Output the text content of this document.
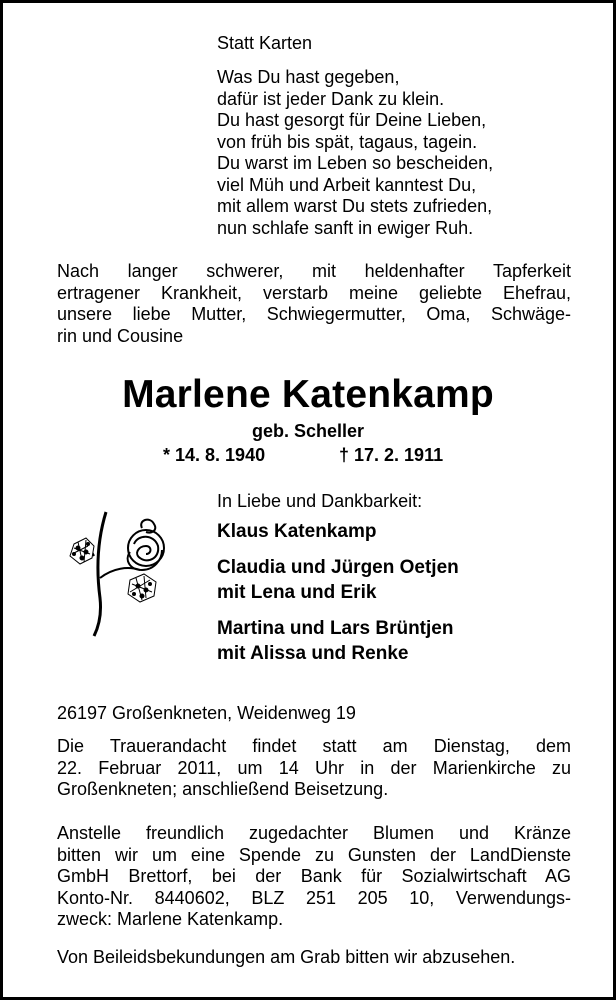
Statt Karten
Was Du hast gegeben,
dafür ist jeder Dank zu klein.
Du hast gesorgt für Deine Lieben,
von früh bis spät, tagaus, tagein.
Du warst im Leben so bescheiden,
viel Müh und Arbeit kanntest Du,
mit allem warst Du stets zufrieden,
nun schlafe sanft in ewiger Ruh.
Nach langer schwerer, mit heldenhafter Tapferkeit
ertragener Krankheit, verstarb meine geliebte Ehefrau,
unsere liebe Mutter, Schwiegermutter, Oma, Schwäge-
rin und Cousine
Marlene Katenkamp
geb. Scheller
* 14. 8. 1940	† 17. 2. 1911
In Liebe und Dankbarkeit:
Klaus Katenkamp
Claudia und Jürgen Oetjen
mit Lena und Erik
Martina und Lars Brüntjen
mit Alissa und Renke
26197 Großenkneten, Weidenweg 19
Die Trauerandacht findet statt am Dienstag, dem
22. Februar 2011, um 14 Uhr in der Marienkirche zu
Großenkneten; anschließend Beisetzung.
Anstelle freundlich zugedachter Blumen und Kränze
bitten wir um eine Spende zu Gunsten der LandDienste
GmbH Brettorf, bei der Bank für Sozialwirtschaft AG
Konto-Nr. 8440602, BLZ 251 205 10, Verwendungs-
zweck: Marlene Katenkamp.
Von Beileidsbekundungen am Grab bitten wir abzusehen.
